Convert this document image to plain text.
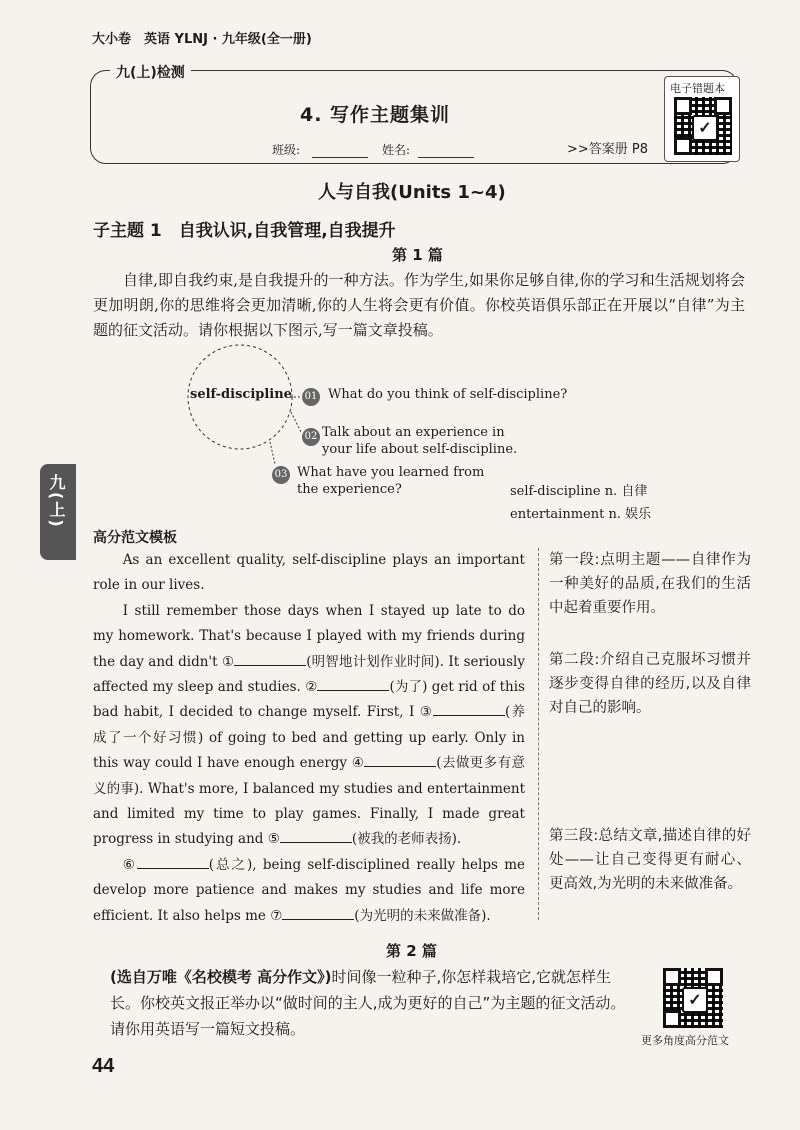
大小卷　英语 YLNJ · 九年级(全一册)
九(上)检测
4. 写作主题集训
班级:	姓名:	>>答案册 P8
电子错题本
✓
九(上)
人与自我(Units 1~4)
子主题 1　自我认识,自我管理,自我提升
第 1 篇
自律,即自我约束,是自我提升的一种方法。作为学生,如果你足够自律,你的学习和生活规划将会更加明朗,你的思维将会更加清晰,你的人生将会更有价值。你校英语俱乐部正在开展以“自律”为主题的征文活动。请你根据以下图示,写一篇文章投稿。
self-discipline 01 What do you think of self-discipline?
02 Talk about an experience in your life about self-discipline.
03 What have you learned from the experience?	self-discipline n. 自律
entertainment n. 娱乐
高分范文模板

As an excellent quality, self-discipline plays an important role in our lives.

I still remember those days when I stayed up late to do my homework. That's because I played with my friends during the day and didn't ①	(明智地计划作业时间). It seriously affected my sleep and studies. ②	(为了) get rid of this bad habit, I decided to change myself. First, I ③	(养成了一个好习惯) of going to bed and getting up early. Only in this way could I have enough energy ④	(去做更多有意义的事). What's more, I balanced my studies and entertainment and limited my time to play games. Finally, I made great progress in studying and ⑤	(被我的老师表扬).

⑥	(总之), being self-disciplined really helps me develop more patience and makes my studies and life more efficient. It also helps me ⑦	(为光明的未来做准备).

第一段:点明主题——自律作为一种美好的品质,在我们的生活中起着重要作用。
第二段:介绍自己克服坏习惯并逐步变得自律的经历,以及自律对自己的影响。
第三段:总结文章,描述自律的好处——让自己变得更有耐心、更高效,为光明的未来做准备。
第 2 篇
(选自万唯《名校模考 高分作文》)时间像一粒种子,你怎样栽培它,它就怎样生长。你校英文报正举办以“做时间的主人,成为更好的自己”为主题的征文活动。请你用英语写一篇短文投稿。
✓
更多角度高分范文
44
